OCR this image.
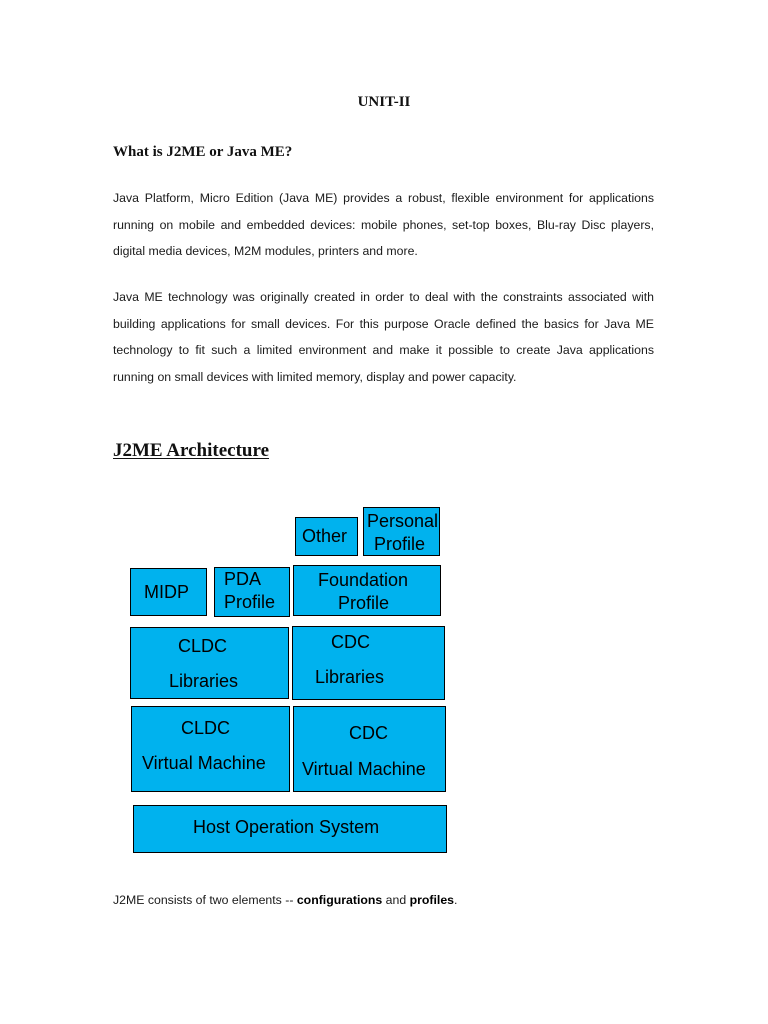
UNIT-II
What is J2ME or Java ME?
Java Platform, Micro Edition (Java ME) provides a robust, flexible environment for applications running on mobile and embedded devices: mobile phones, set-top boxes, Blu-ray Disc players, digital media devices, M2M modules, printers and more.
Java ME technology was originally created in order to deal with the constraints associated with building applications for small devices. For this purpose Oracle defined the basics for Java ME technology to fit such a limited environment and make it possible to create Java applications running on small devices with limited memory, display and power capacity.
J2ME Architecture
Other
Personal
Profile
MIDP
PDA
Profile
Foundation
Profile
CLDC
Libraries
CDC
Libraries
CLDC
Virtual Machine
CDC
Virtual Machine
Host Operation System
J2ME consists of two elements -- configurations and profiles.
